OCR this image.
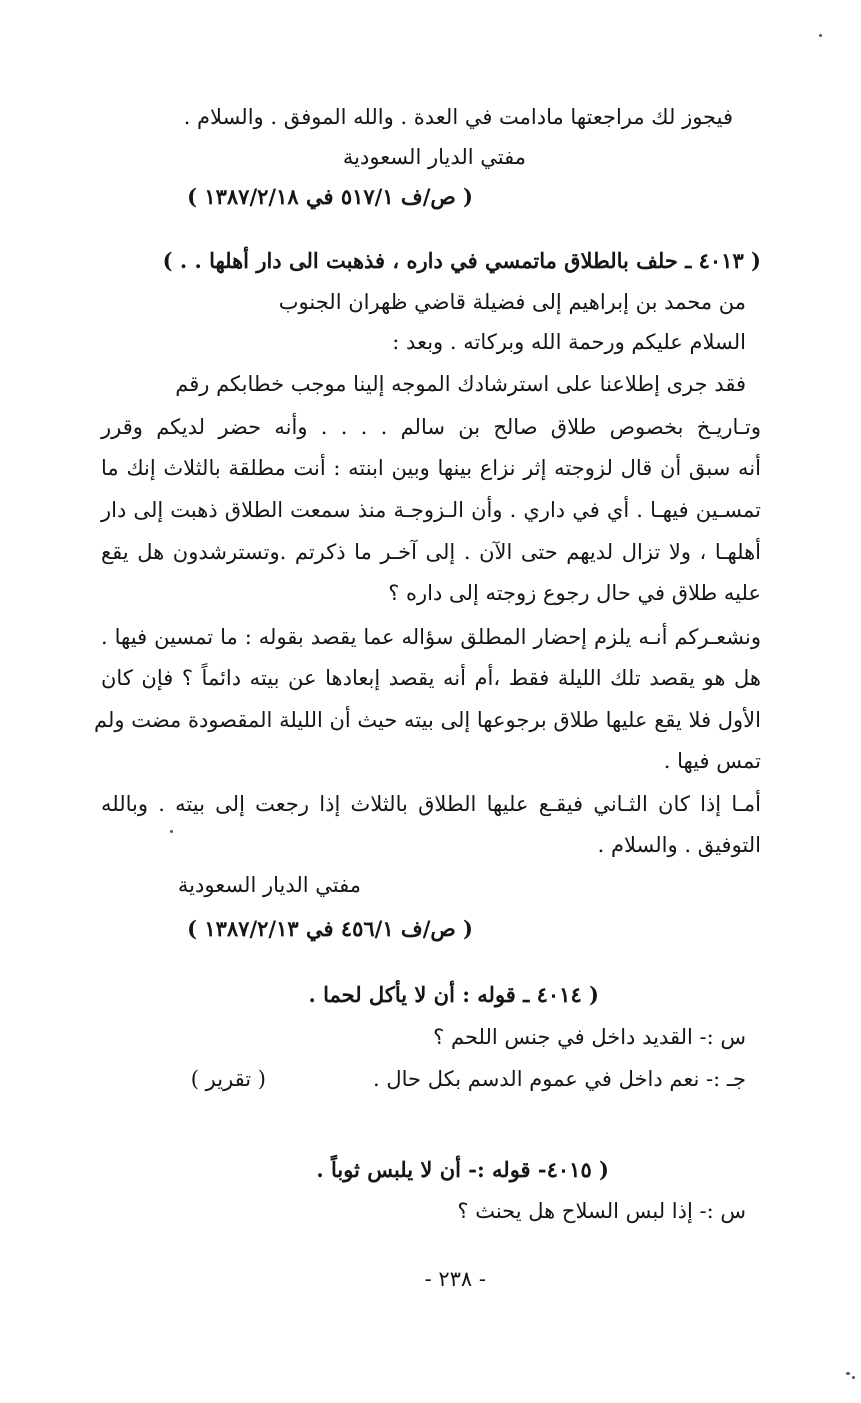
فيجوز لك مراجعتها مادامت في العدة . والله الموفق . والسلام .
مفتي الديار السعودية
( ص/ف ٥١٧/١ في ١٣٨٧/٢/١٨ )
( ٤٠١٣ ـ حلف بالطلاق ماتمسي في داره ، فذهبت الى دار أهلها . . )
من محمد بن إبراهيم إلى فضيلة قاضي ظهران الجنوب
السلام عليكم ورحمة الله وبركاته . وبعد :
فقد جرى إطلاعنا على استرشادك الموجه إلينا موجب خطابكم رقم
وتـاريـخ بخصوص طلاق صالح بن سالم . . . . وأنه حضر لديكم وقرر
أنه سبق أن قال لزوجته إثر نزاع بينها وبين ابنته : أنت مطلقة بالثلاث إنك ما
تمسـين فيهـا . أي في داري . وأن الـزوجـة منذ سمعت الطلاق ذهبت إلى دار
أهلهـا ، ولا تزال لديهم حتى الآن . إلى آخـر ما ذكرتم .وتسترشدون هل يقع
عليه طلاق في حال رجوع زوجته إلى داره ؟
ونشعـركم أنـه يلزم إحضار المطلق سؤاله عما يقصد بقوله : ما تمسين فيها .
هل هو يقصد تلك الليلة فقط ،أم أنه يقصد إبعادها عن بيته دائماً ؟ فإن كان
الأول فلا يقع عليها طلاق برجوعها إلى بيته حيث أن الليلة المقصودة مضت ولم
تمس فيها .
أمـا إذا كان الثـاني فيقـع عليها الطلاق بالثلاث إذا رجعت إلى بيته . وبالله
التوفيق . والسلام .
مفتي الديار السعودية
( ص/ف ٤٥٦/١ في ١٣٨٧/٢/١٣ )
( ٤٠١٤ ـ قوله : أن لا يأكل لحما .
س :- القديد داخل في جنس اللحم ؟
جـ :- نعم داخل في عموم الدسم بكل حال .
( تقرير )
( ٤٠١٥- قوله :- أن لا يلبس ثوباً .
س :- إذا لبس السلاح هل يحنث ؟
- ٢٣٨ -
